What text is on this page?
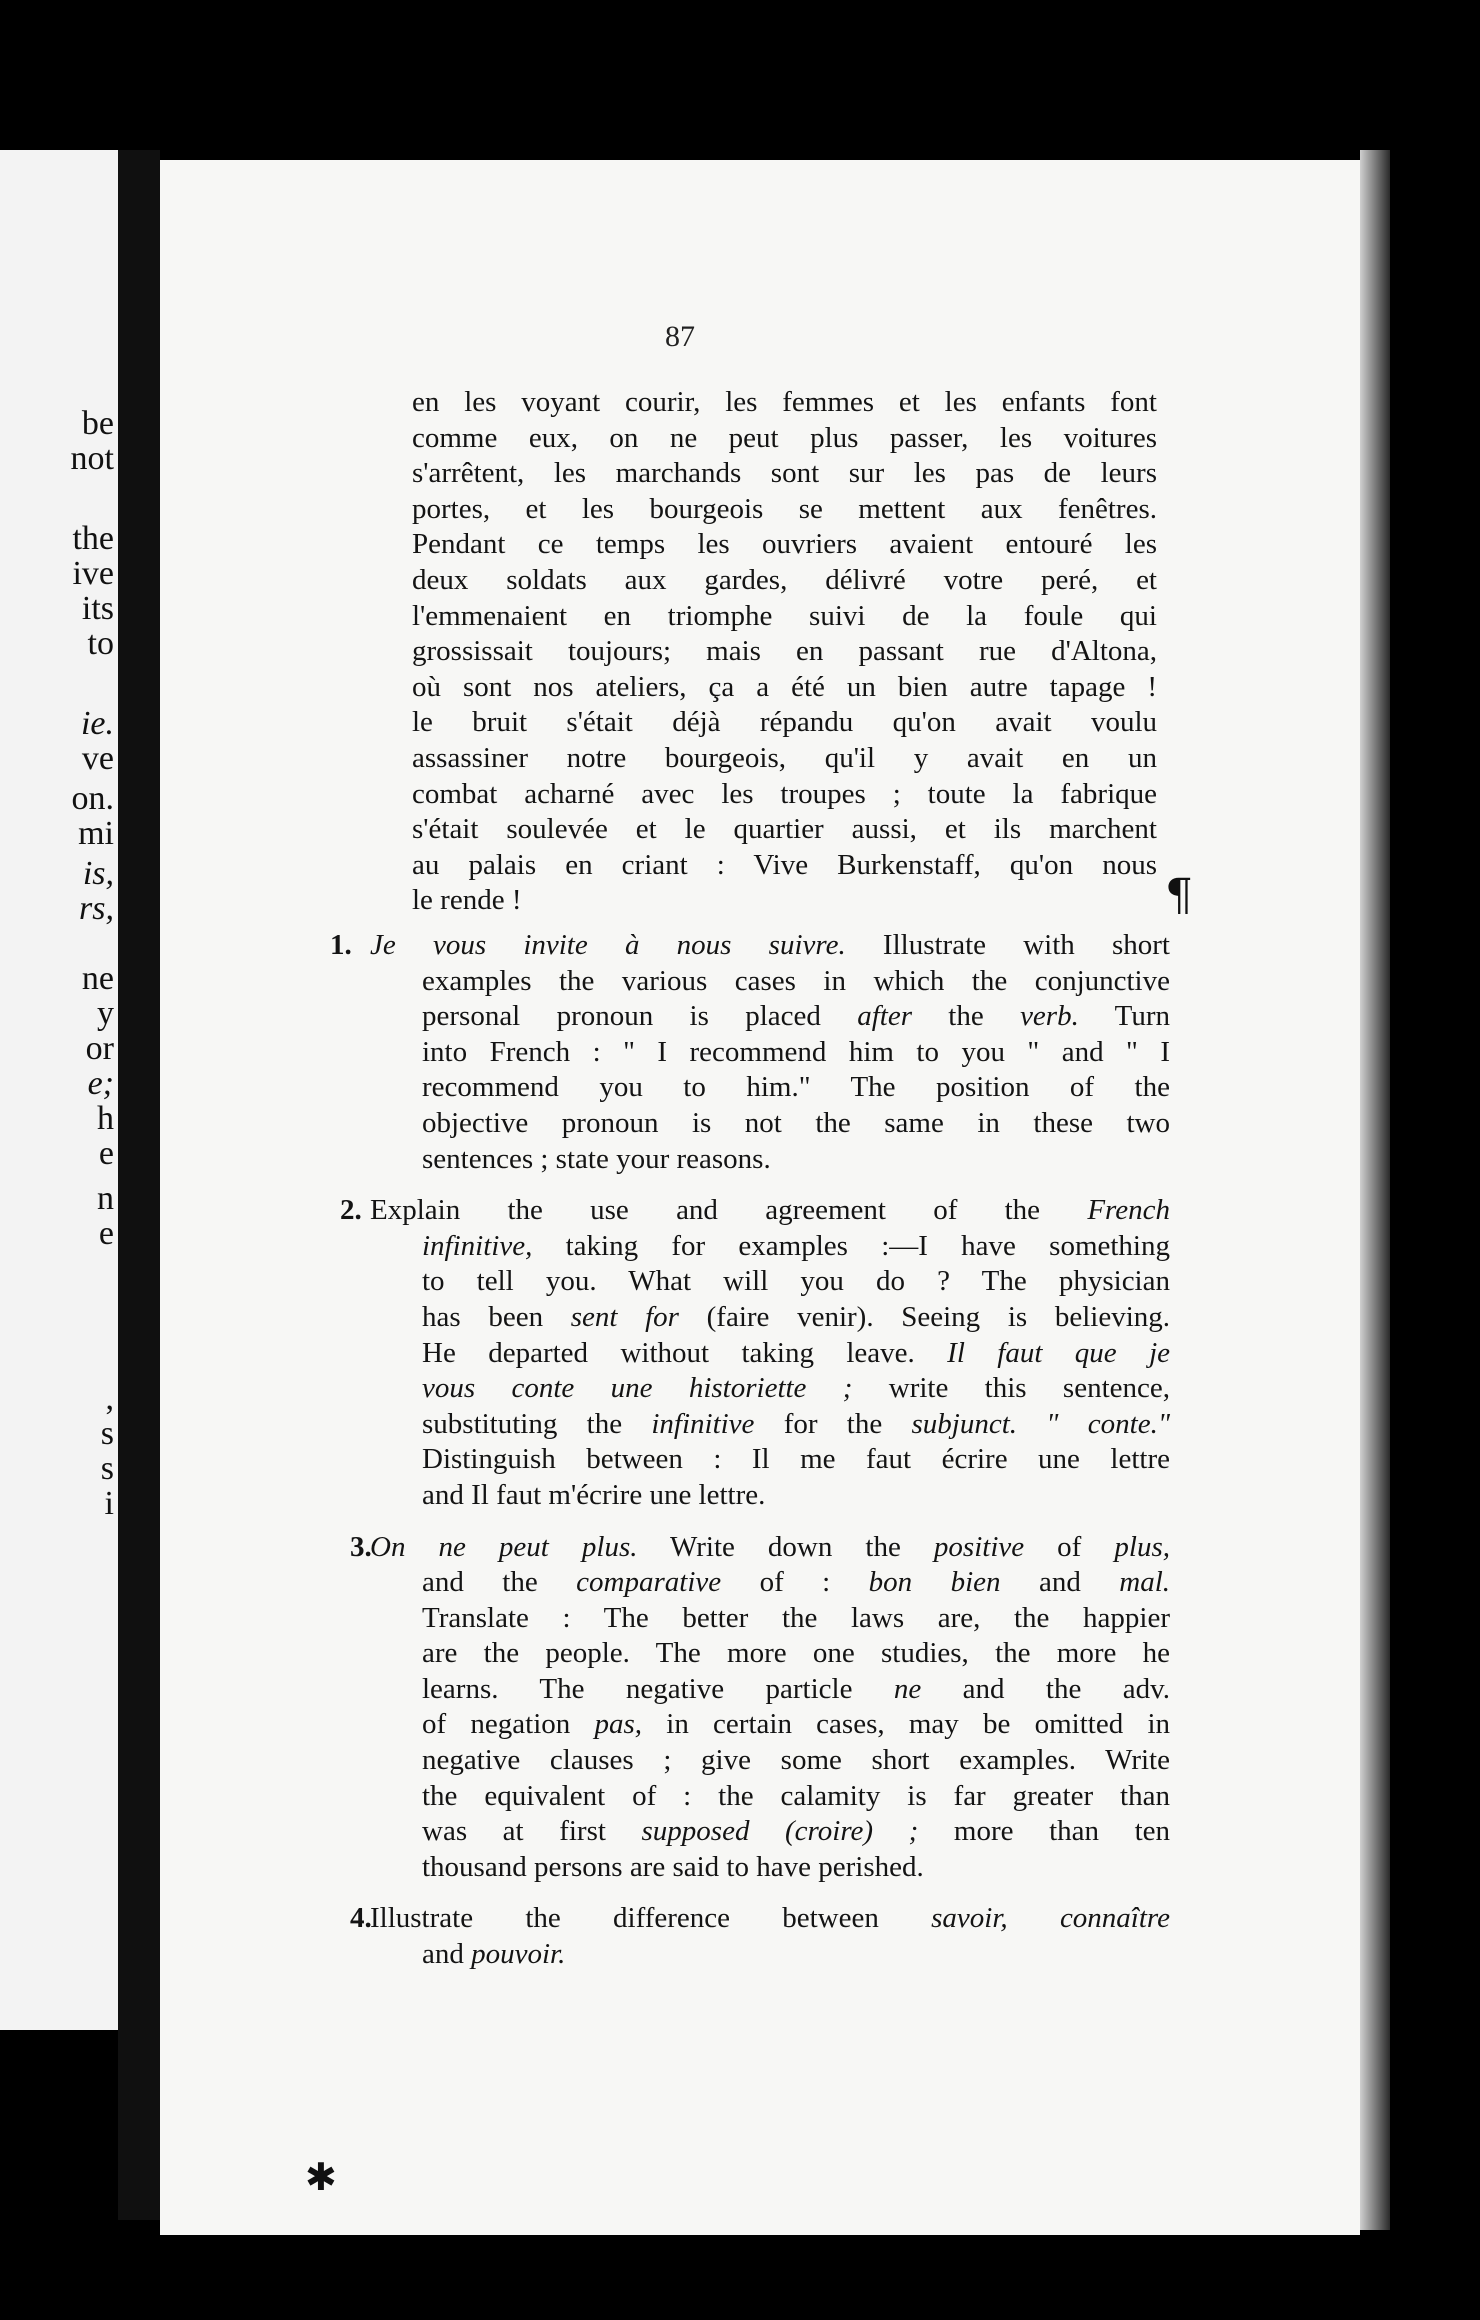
be
not
the
ive
its
to
ie.
ve
on.
mi
is,
rs,
ne
y
or
e;
h
e
n
e
,
s
s
i
87
en les voyant courir, les femmes et les enfants font
comme eux, on ne peut plus passer, les voitures
s'arrêtent, les marchands sont sur les pas de leurs
portes, et les bourgeois se mettent aux fenêtres.
Pendant ce temps les ouvriers avaient entouré les
deux soldats aux gardes, délivré votre peré, et
l'emmenaient en triomphe suivi de la foule qui
grossissait toujours; mais en passant rue d'Altona,
où sont nos ateliers, ça a été un bien autre tapage !
le bruit s'était déjà répandu qu'on avait voulu
assassiner notre bourgeois, qu'il y avait en un
combat acharné avec les troupes ; toute la fabrique
s'était soulevée et le quartier aussi, et ils marchent
au palais en criant : Vive Burkenstaff, qu'on nous
le rende !
1. Je vous invite à nous suivre. Illustrate with short
examples the various cases in which the conjunctive
personal pronoun is placed after the verb. Turn
into French : " I recommend him to you " and " I
recommend you to him." The position of the
objective pronoun is not the same in these two
sentences ; state your reasons.
2. Explain the use and agreement of the French
infinitive, taking for examples :—I have something
to tell you. What will you do ? The physician
has been sent for (faire venir). Seeing is believing.
He departed without taking leave. Il faut que je
vous conte une historiette ; write this sentence,
substituting the infinitive for the subjunct. " conte."
Distinguish between : Il me faut écrire une lettre
and Il faut m'écrire une lettre.
3.
On ne peut plus. Write down the positive of plus,
and the comparative of : bon bien and mal.
Translate : The better the laws are, the happier
are the people. The more one studies, the more he
learns. The negative particle ne and the adv.
of negation pas, in certain cases, may be omitted in
negative clauses ; give some short examples. Write
the equivalent of : the calamity is far greater than
was at first supposed (croire) ; more than ten
thousand persons are said to have perished.
4.
Illustrate the difference between savoir, connaître
and pouvoir.
¶
✱
